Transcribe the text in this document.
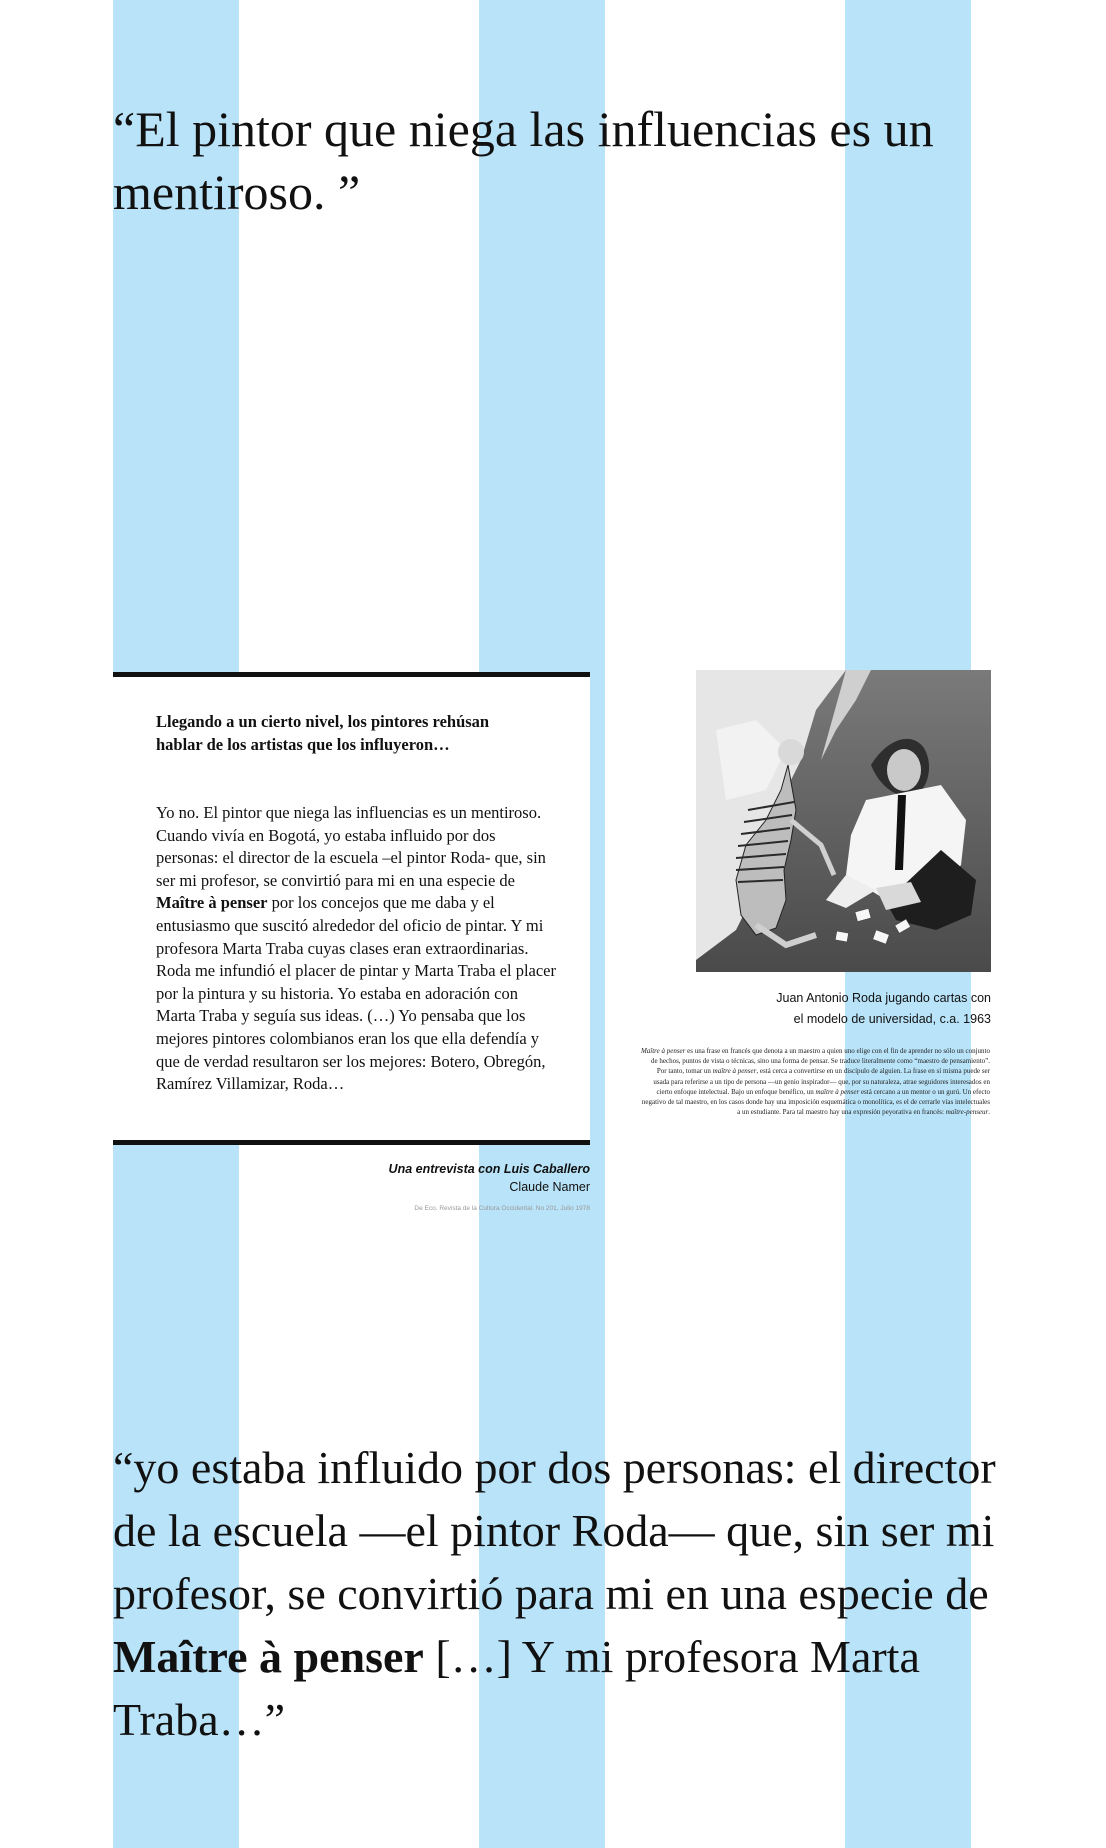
“El pintor que niega las influencias es un mentiroso. ”

Llegando a un cierto nivel, los pintores rehúsan hablar de los artistas que los influyeron…

Yo no. El pintor que niega las influencias es un mentiroso. Cuando vivía en Bogotá, yo estaba influido por dos personas: el director de la escuela –el pintor Roda- que, sin ser mi profesor, se convirtió para mi en una especie de Maître à penser por los concejos que me daba y el entusiasmo que suscitó alrededor del oficio de pintar. Y mi profesora Marta Traba cuyas clases eran extraordinarias. Roda me infundió el placer de pintar y Marta Traba el placer por la pintura y su historia. Yo estaba en adoración con Marta Traba y seguía sus ideas. (…) Yo pensaba que los mejores pintores colombianos eran los que ella defendía y que de verdad resultaron ser los mejores: Botero, Obregón, Ramírez Villamizar, Roda…

Una entrevista con Luis Caballero
Claude Namer
De Eco. Revista de la Cultura Occidental. No 201, Julio 1978
Juan Antonio Roda jugando cartas con
el modelo de universidad, c.a. 1963

Maître à penser es una frase en francés que denota a un maestro a quien uno elige con el fin de aprender no sólo un conjunto de hechos, puntos de vista o técnicas, sino una forma de pensar. Se traduce literalmente como “maestro de pensamiento”. Por tanto, tomar un maître à penser, está cerca a convertirse en un discípulo de alguien. La frase en sí misma puede ser usada para referirse a un tipo de persona —un genio inspirador— que, por su naturaleza, atrae seguidores interesados en cierto enfoque intelectual. Bajo un enfoque benéfico, un maître à penser está cercano a un mentor o un gurú. Un efecto negativo de tal maestro, en los casos donde hay una imposición esquemática o monolítica, es el de cerrarle vías intelectuales a un estudiante. Para tal maestro hay una expresión peyorativa en francés: maître-penseur.

“yo estaba influido por dos personas: el director de la escuela —el pintor Roda— que, sin ser mi profesor, se convirtió para mi en una especie de Maître à penser […] Y mi profesora Marta Traba…”
